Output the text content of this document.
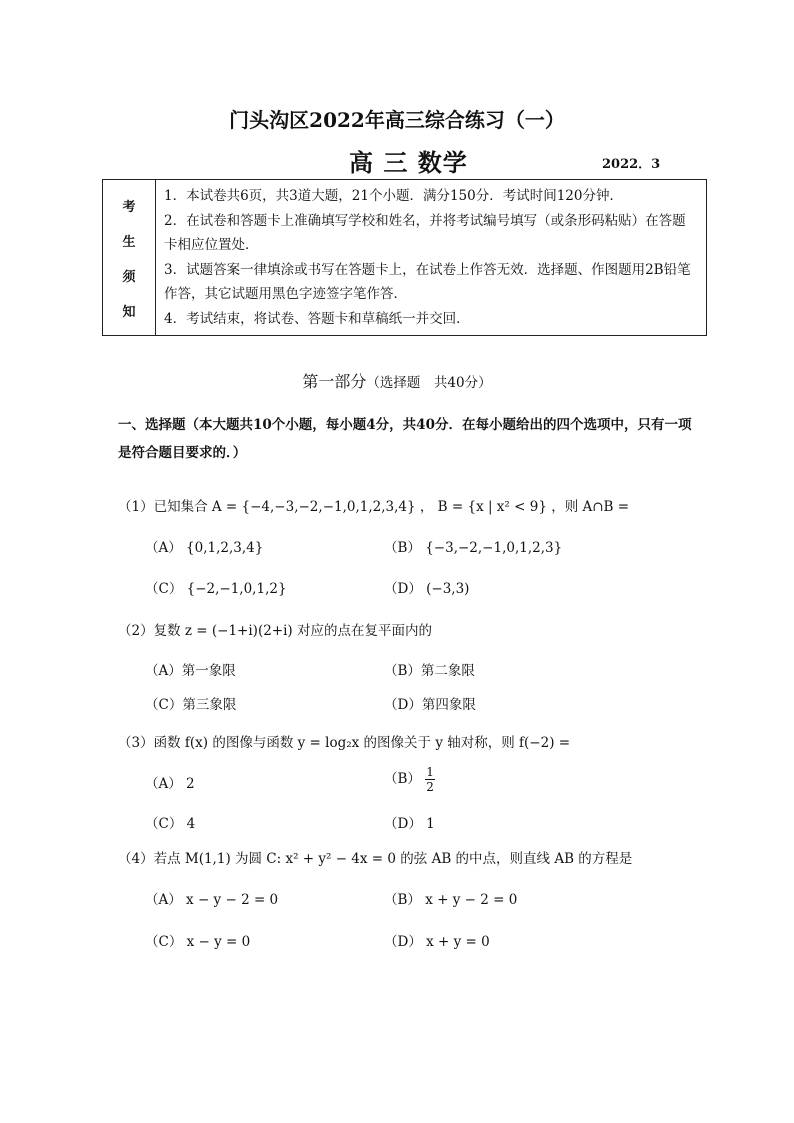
门头沟区2022年高三综合练习（一）
高 三 数学	2022．3
考
生
须
知

1．本试卷共6页，共3道大题，21个小题．满分150分．考试时间120分钟．

2．在试卷和答题卡上准确填写学校和姓名，并将考试编号填写（或条形码粘贴）在答题卡相应位置处．

3．试题答案一律填涂或书写在答题卡上，在试卷上作答无效．选择题、作图题用2B铅笔作答，其它试题用黑色字迹签字笔作答．

4．考试结束，将试卷、答题卡和草稿纸一并交回．

第一部分（选择题　共40分）
一、选择题（本大题共10个小题，每小题4分，共40分．在每小题给出的四个选项中，只有一项是符合题目要求的．）
（1）已知集合 A = {−4,−3,−2,−1,0,1,2,3,4} ， B = {x | x² < 9} ，则 A∩B =
（A） {0,1,2,3,4}	（B） {−3,−2,−1,0,1,2,3}
（C） {−2,−1,0,1,2}	（D） (−3,3)
（2）复数 z = (−1+i)(2+i) 对应的点在复平面内的
（A）第一象限	（B）第二象限
（C）第三象限	（D）第四象限
（3）函数 f(x) 的图像与函数 y = log₂x 的图像关于 y 轴对称，则 f(−2) =
（A） 2	$(B) \frac{1}{2}$
（C） 4	（D） 1
（4）若点 M(1,1) 为圆 C: x² + y² − 4x = 0 的弦 AB 的中点，则直线 AB 的方程是
（A） x − y − 2 = 0	（B） x + y − 2 = 0
（C） x − y = 0	（D） x + y = 0
